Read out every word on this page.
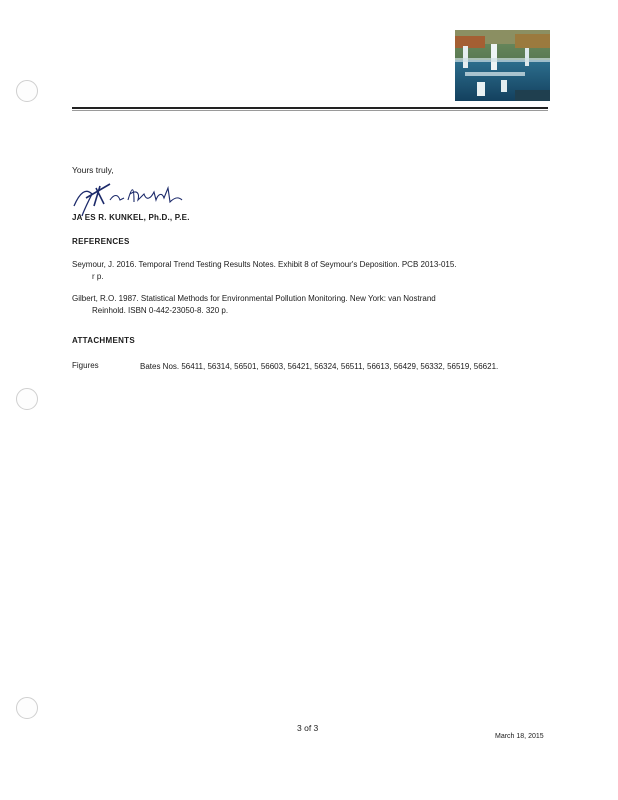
Yours truly,
JA ES R. KUNKEL, Ph.D., P.E.
REFERENCES
Seymour, J. 2016. Temporal Trend Testing Results Notes. Exhibit 8 of Seymour's Deposition. PCB 2013-015.
r p.
Gilbert, R.O. 1987. Statistical Methods for Environmental Pollution Monitoring. New York: van Nostrand
Reinhold. ISBN 0-442-23050-8. 320 p.
ATTACHMENTS
Figures	Bates Nos. 56411, 56314, 56501, 56603, 56421, 56324, 56511, 56613, 56429, 56332, 56519, 56621.
3 of 3
March 18, 2015
